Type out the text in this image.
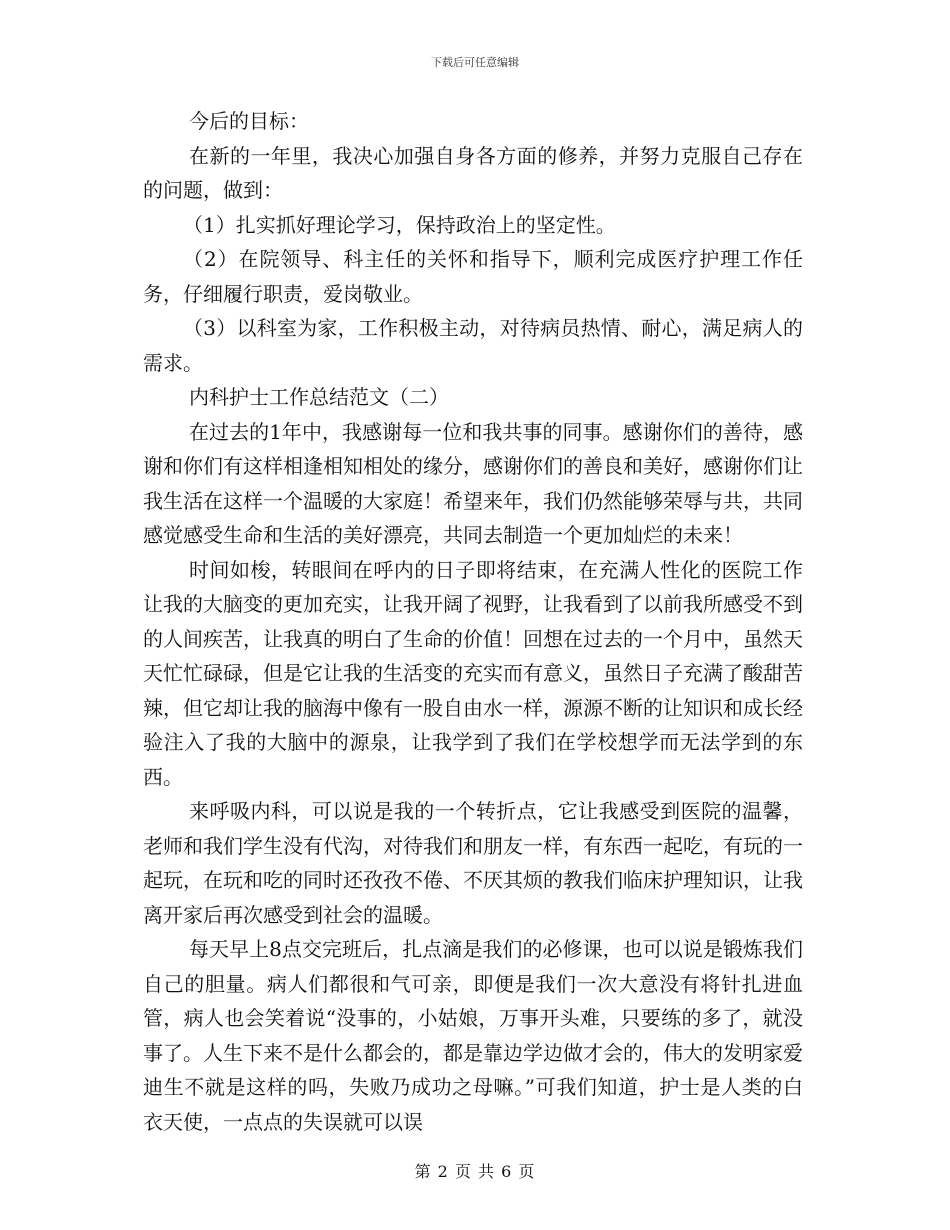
下载后可任意编辑

今后的目标：

在新的一年里，我决心加强自身各方面的修养，并努力克服自己存在的问题，做到：

（1）扎实抓好理论学习，保持政治上的坚定性。

（2）在院领导、科主任的关怀和指导下，顺利完成医疗护理工作任务，仔细履行职责，爱岗敬业。

（3）以科室为家，工作积极主动，对待病员热情、耐心，满足病人的需求。

内科护士工作总结范文（二）

在过去的1年中，我感谢每一位和我共事的同事。感谢你们的善待，感谢和你们有这样相逢相知相处的缘分，感谢你们的善良和美好，感谢你们让我生活在这样一个温暖的大家庭！希望来年，我们仍然能够荣辱与共，共同感觉感受生命和生活的美好漂亮，共同去制造一个更加灿烂的未来！

时间如梭，转眼间在呼内的日子即将结束，在充满人性化的医院工作让我的大脑变的更加充实，让我开阔了视野，让我看到了以前我所感受不到的人间疾苦，让我真的明白了生命的价值！回想在过去的一个月中，虽然天天忙忙碌碌，但是它让我的生活变的充实而有意义，虽然日子充满了酸甜苦辣，但它却让我的脑海中像有一股自由水一样，源源不断的让知识和成长经验注入了我的大脑中的源泉，让我学到了我们在学校想学而无法学到的东西。

来呼吸内科，可以说是我的一个转折点，它让我感受到医院的温馨，老师和我们学生没有代沟，对待我们和朋友一样，有东西一起吃，有玩的一起玩，在玩和吃的同时还孜孜不倦、不厌其烦的教我们临床护理知识，让我离开家后再次感受到社会的温暖。

每天早上8点交完班后，扎点滴是我们的必修课，也可以说是锻炼我们自己的胆量。病人们都很和气可亲，即便是我们一次大意没有将针扎进血管，病人也会笑着说“没事的，小姑娘，万事开头难，只要练的多了，就没事了。人生下来不是什么都会的，都是靠边学边做才会的，伟大的发明家爱迪生不就是这样的吗，失败乃成功之母嘛。”可我们知道，护士是人类的白衣天使，一点点的失误就可以误

第 2 页 共 6 页
